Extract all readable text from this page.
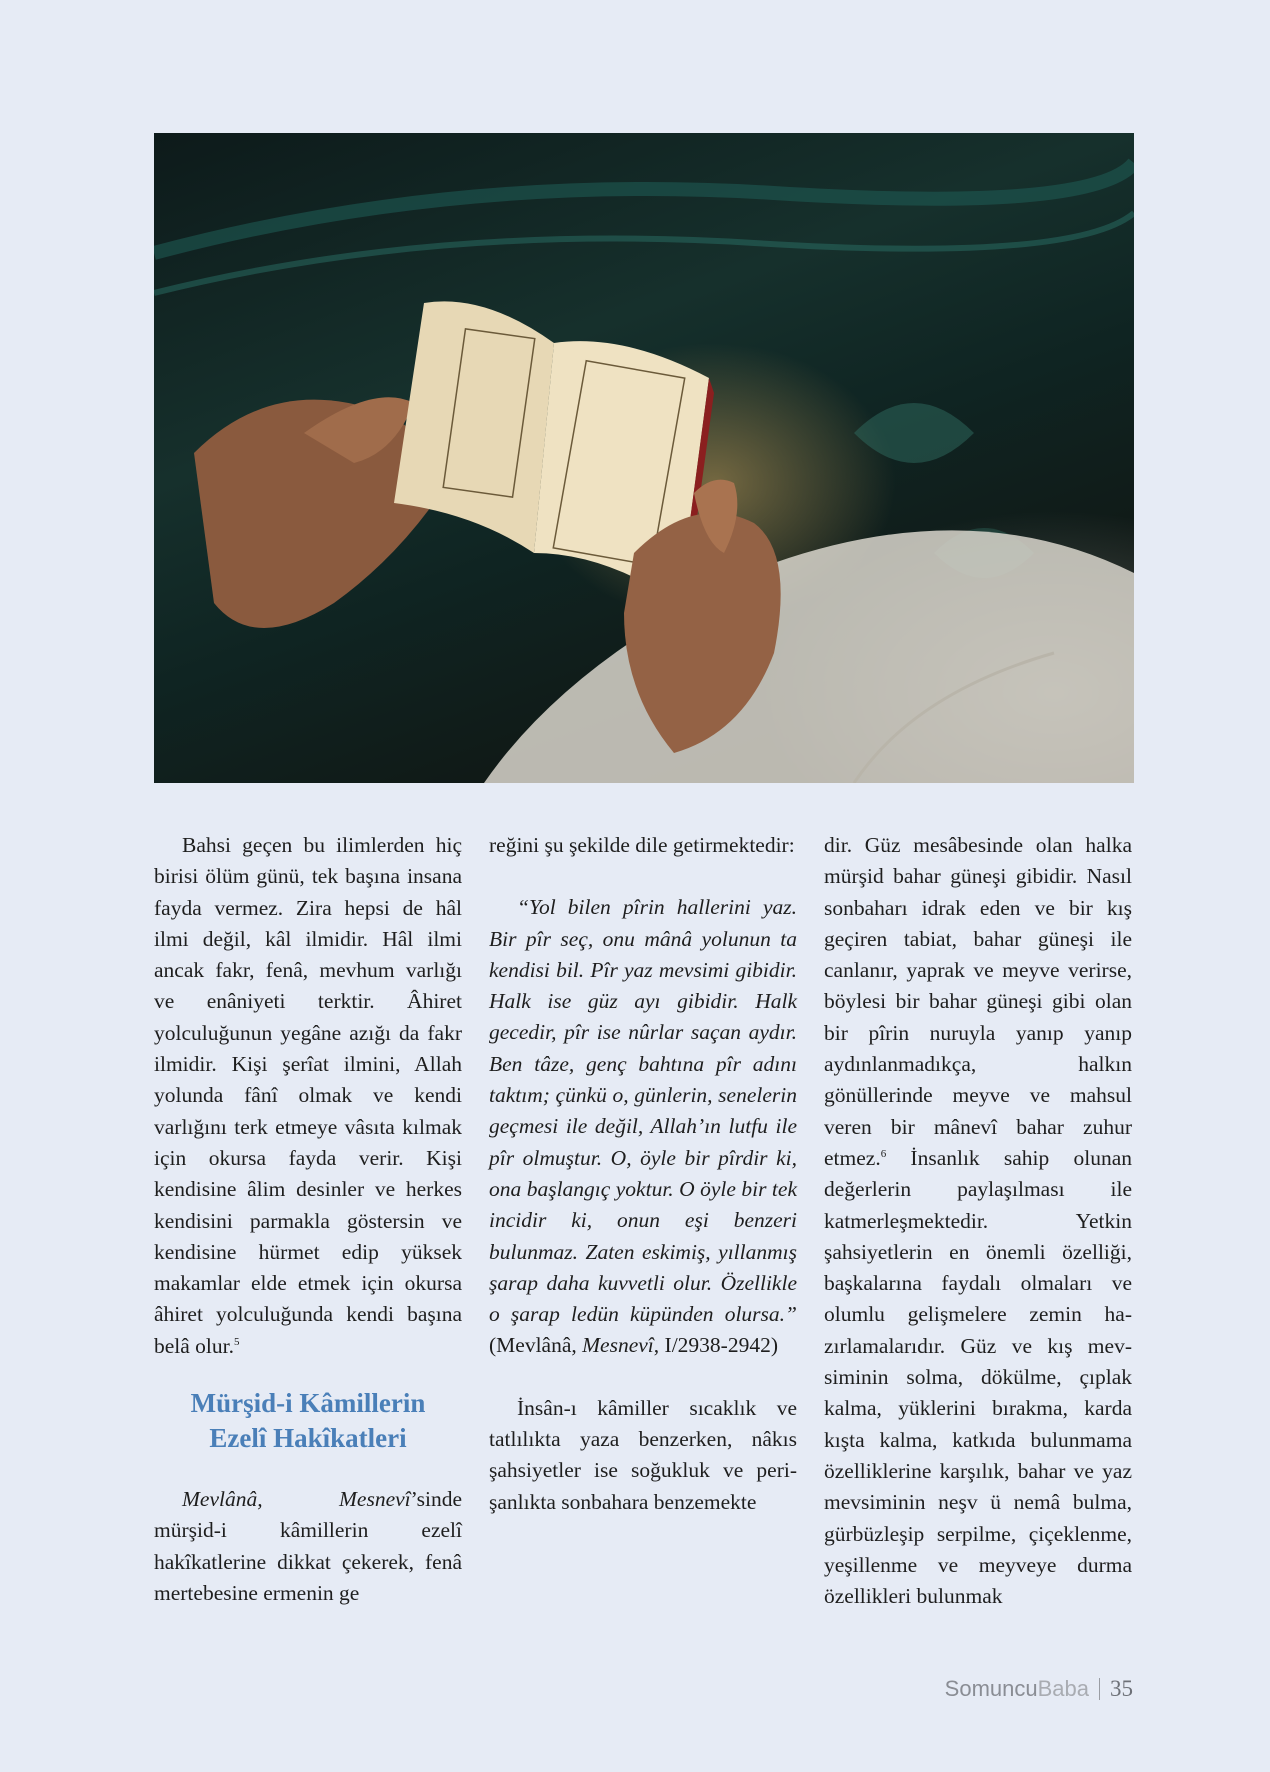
Bahsi geçen bu ilimlerden hiç birisi ölüm günü, tek başına insana fayda vermez. Zira hepsi de hâl ilmi değil, kâl ilmidir. Hâl ilmi ancak fakr, fenâ, mevhum varlığı ve enâniyeti terktir. Âhiret yolculuğunun yegâne azığı da fakr ilmidir. Kişi şerîat ilmini, Allah yolunda fânî olmak ve kendi varlığını terk etmeye vâsıta kılmak için okursa fayda verir. Kişi kendisine âlim desinler ve herkes kendisini parmakla göstersin ve kendisine hürmet edip yüksek makamlar elde etmek için okursa âhiret yolculuğunda kendi başına belâ olur.$^5$

Mürşid-i Kâmillerin
Ezelî Hakîkatleri

Mevlânâ, Mesnevî’sinde mürşid-i kâmillerin ezelî hakîkatlerine dikkat çekerek, fenâ mertebesine ermenin ge

reğini şu şekilde dile getirmektedir:

“Yol bilen pîrin hallerini yaz. Bir pîr seç, onu mânâ yolunun ta kendisi bil. Pîr yaz mevsimi gibidir. Halk ise güz ayı gibidir. Halk gecedir, pîr ise nûrlar saçan aydır. Ben tâze, genç bahtına pîr adını taktım; çünkü o, günlerin, senelerin geçmesi ile değil, Allah’ın lutfu ile pîr olmuştur. O, öyle bir pîrdir ki, ona başlangıç yoktur. O öyle bir tek incidir ki, onun eşi benzeri bulunmaz. Zaten eskimiş, yıllanmış şarap daha kuvvetli olur. Özellikle o şarap ledün küpünden olursa.” (Mevlânâ, Mesnevî, I/2938-2942)

İnsân-ı kâmiller sıcaklık ve tatlılıkta yaza benzerken, nâkıs şahsiyetler ise soğukluk ve perişanlıkta sonbahara benzemekte

dir. Güz mesâbesinde olan halka mürşid bahar güneşi gibidir. Nasıl sonbaharı idrak eden ve bir kış geçiren tabiat, bahar güneşi ile canlanır, yaprak ve meyve verirse, böylesi bir bahar güneşi gibi olan bir pîrin nuruyla yanıp yanıp aydınlanmadıkça, halkın gönüllerinde meyve ve mahsul veren bir mânevî bahar zuhur etmez.$^6$ İnsanlık sahip olunan değerlerin paylaşılması ile katmerleşmektedir. Yetkin şahsiyetlerin en önemli özelliği, başkalarına faydalı olmaları ve olumlu gelişmelere zemin hazırlamalarıdır. Güz ve kış mevsiminin solma, dökülme, çıplak kalma, yüklerini bırakma, karda kışta kalma, katkıda bulunmama özelliklerine karşılık, bahar ve yaz mevsiminin neşv ü nemâ bulma, gürbüzleşip serpilme, çiçeklenme, yeşillenme ve meyveye durma özellikleri bulunmak

SomuncuBaba 35
